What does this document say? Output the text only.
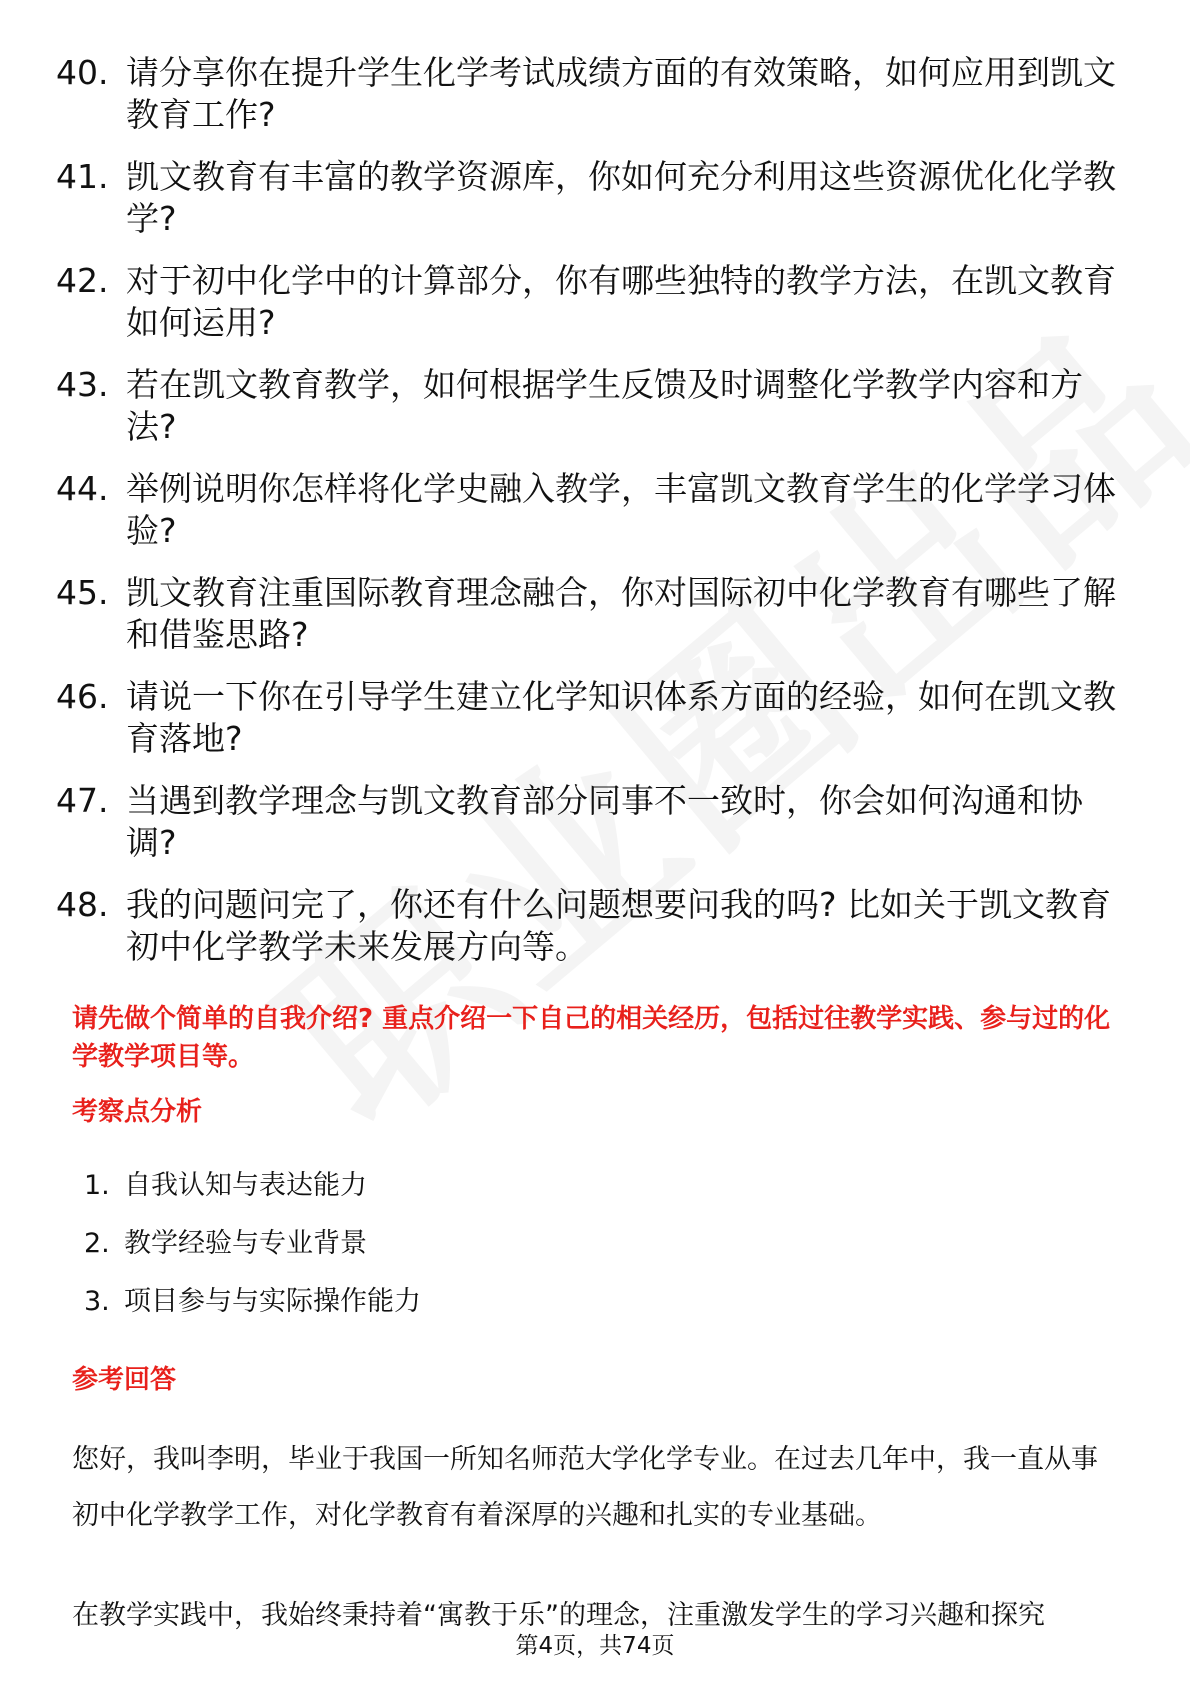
40. 请分享你在提升学生化学考试成绩方面的有效策略，如何应用到凯文教育工作?
41. 凯文教育有丰富的教学资源库，你如何充分利用这些资源优化化学教学?
42. 对于初中化学中的计算部分，你有哪些独特的教学方法，在凯文教育如何运用?
43. 若在凯文教育教学，如何根据学生反馈及时调整化学教学内容和方法?
44. 举例说明你怎样将化学史融入教学，丰富凯文教育学生的化学学习体验?
45. 凯文教育注重国际教育理念融合，你对国际初中化学教育有哪些了解和借鉴思路?
46. 请说一下你在引导学生建立化学知识体系方面的经验，如何在凯文教育落地?
47. 当遇到教学理念与凯文教育部分同事不一致时，你会如何沟通和协调?
48. 我的问题问完了，你还有什么问题想要问我的吗? 比如关于凯文教育初中化学教学未来发展方向等。
请先做个简单的自我介绍? 重点介绍一下自己的相关经历，包括过往教学实践、参与过的化学教学项目等。
考察点分析
1. 自我认知与表达能力
2. 教学经验与专业背景
3. 项目参与与实际操作能力
参考回答

您好，我叫李明，毕业于我国一所知名师范大学化学专业。在过去几年中，我一直从事初中化学教学工作，对化学教育有着深厚的兴趣和扎实的专业基础。

在教学实践中，我始终秉持着“寓教于乐”的理念，注重激发学生的学习兴趣和探究

第4页，共74页
